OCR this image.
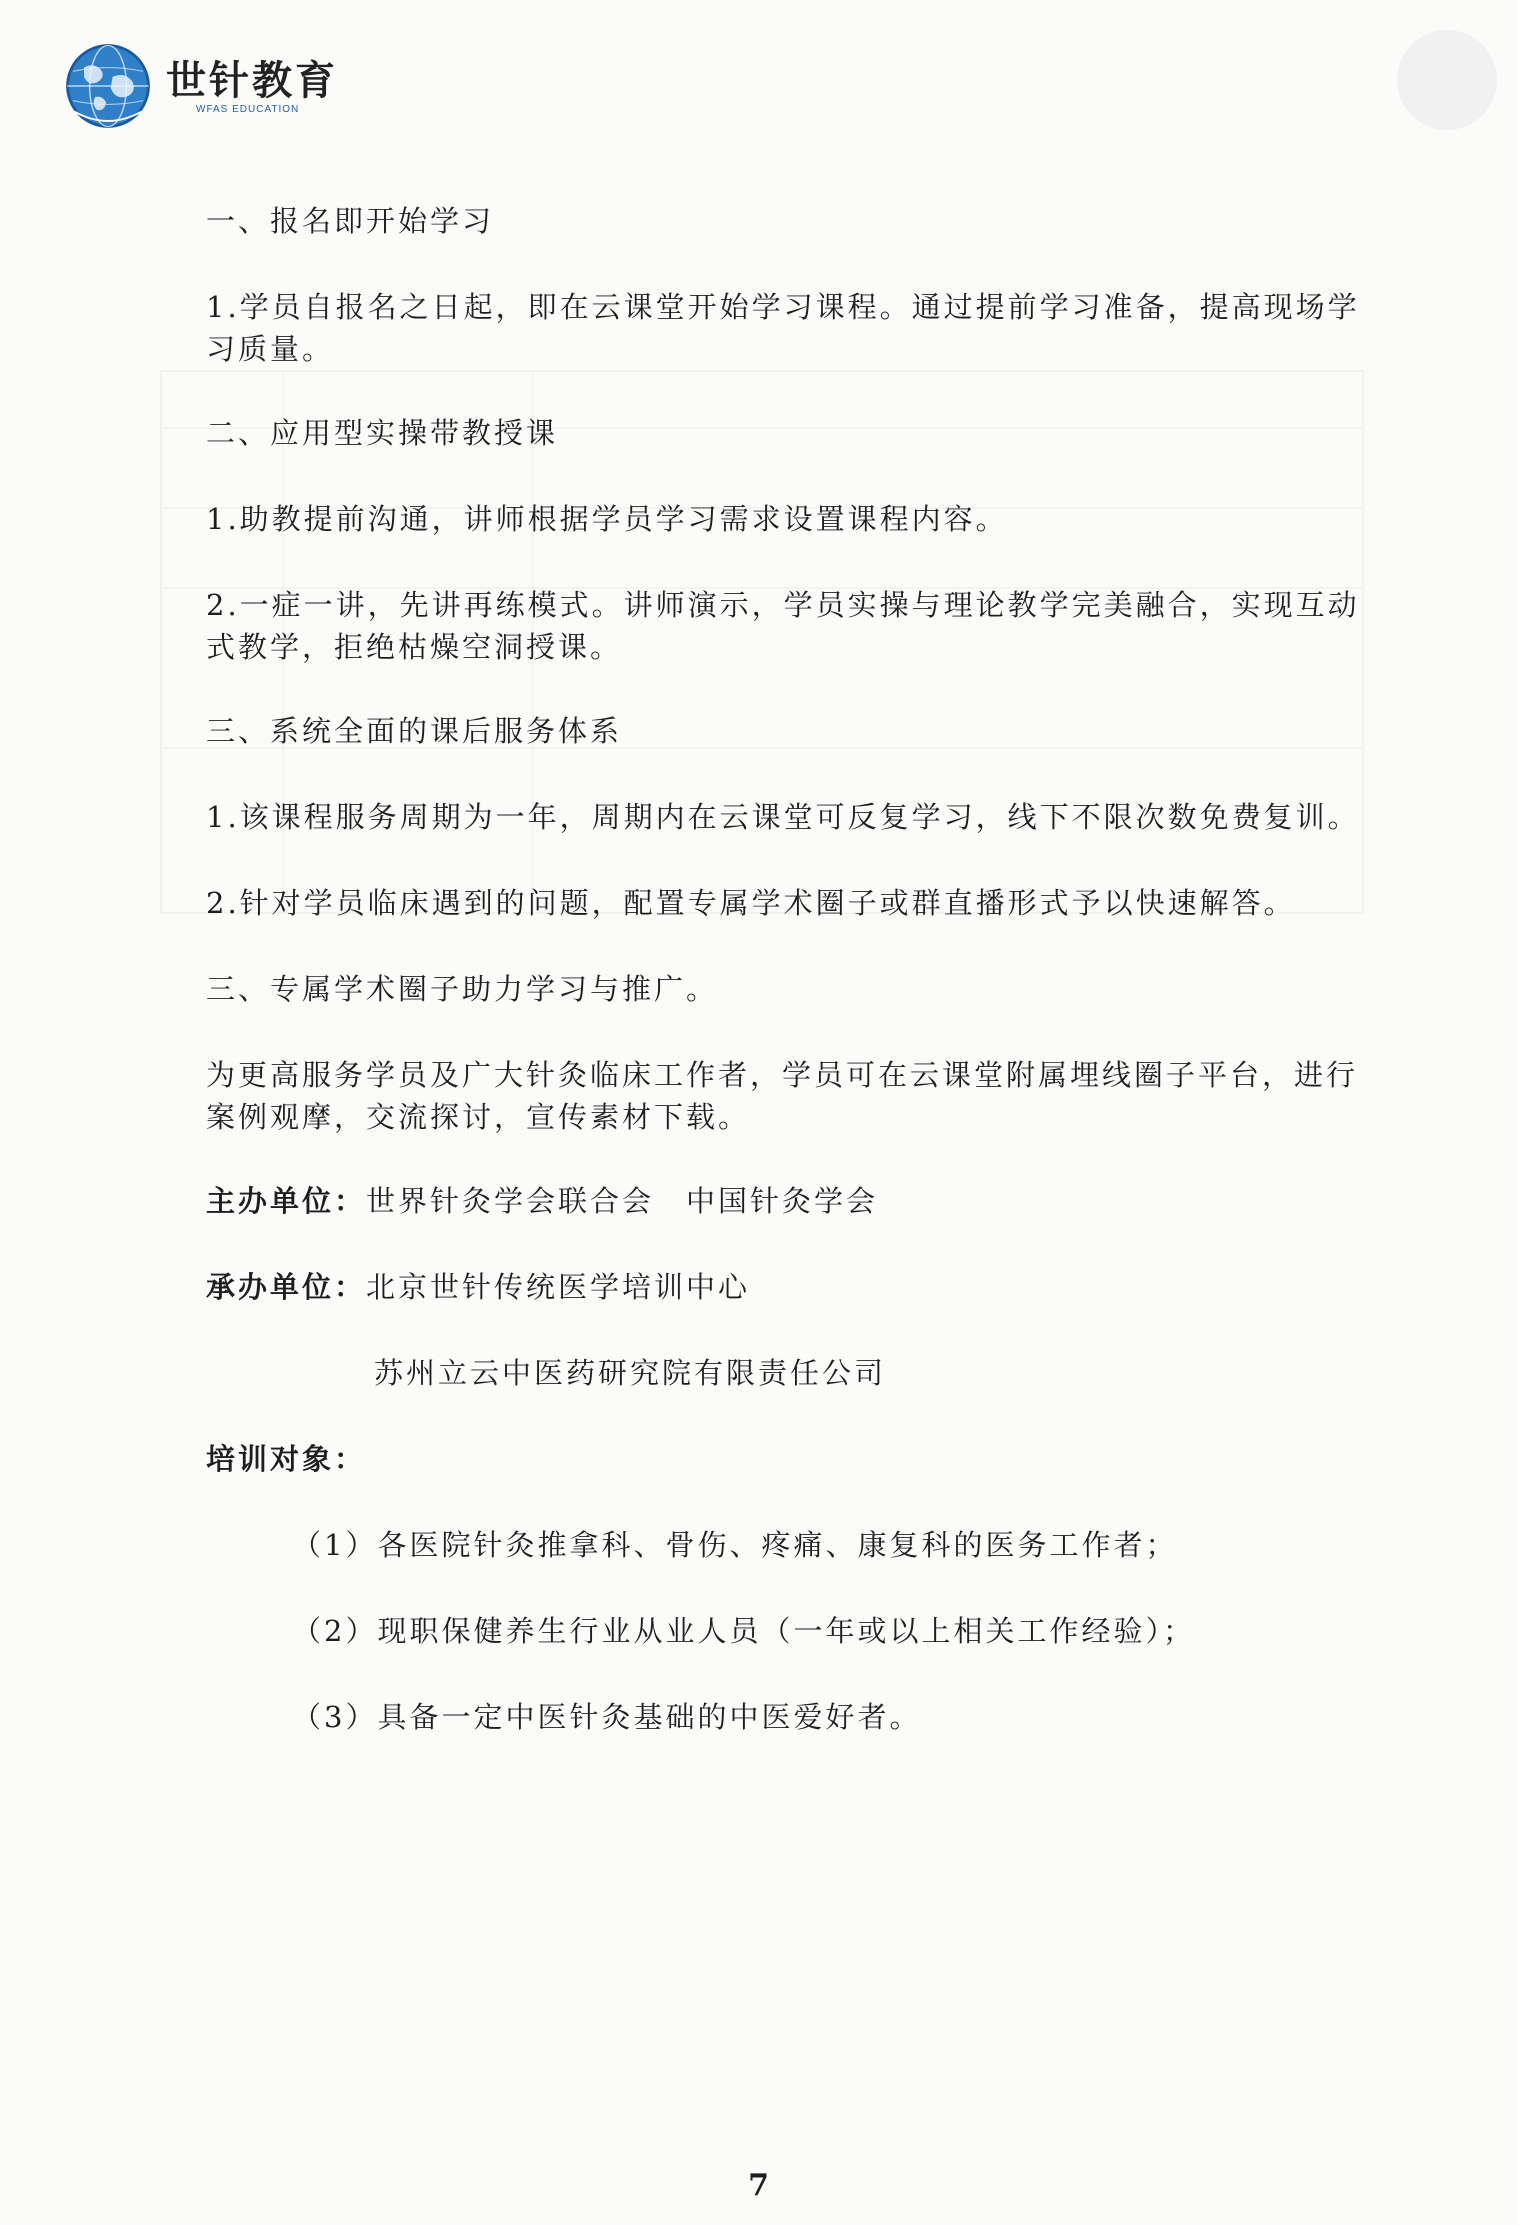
世针教育
WFAS EDUCATION

一、报名即开始学习

1.学员自报名之日起，即在云课堂开始学习课程。通过提前学习准备，提高现场学习质量。

二、应用型实操带教授课

1.助教提前沟通，讲师根据学员学习需求设置课程内容。

2.一症一讲，先讲再练模式。讲师演示，学员实操与理论教学完美融合，实现互动式教学，拒绝枯燥空洞授课。

三、系统全面的课后服务体系

1.该课程服务周期为一年，周期内在云课堂可反复学习，线下不限次数免费复训。

2.针对学员临床遇到的问题，配置专属学术圈子或群直播形式予以快速解答。

三、专属学术圈子助力学习与推广。

为更高服务学员及广大针灸临床工作者，学员可在云课堂附属埋线圈子平台，进行案例观摩，交流探讨，宣传素材下载。

主办单位： 世界针灸学会联合会　中国针灸学会

承办单位： 北京世针传统医学培训中心

苏州立云中医药研究院有限责任公司

培训对象：

（1）各医院针灸推拿科、骨伤、疼痛、康复科的医务工作者；

（2）现职保健养生行业从业人员（一年或以上相关工作经验）；

（3）具备一定中医针灸基础的中医爱好者。

7
